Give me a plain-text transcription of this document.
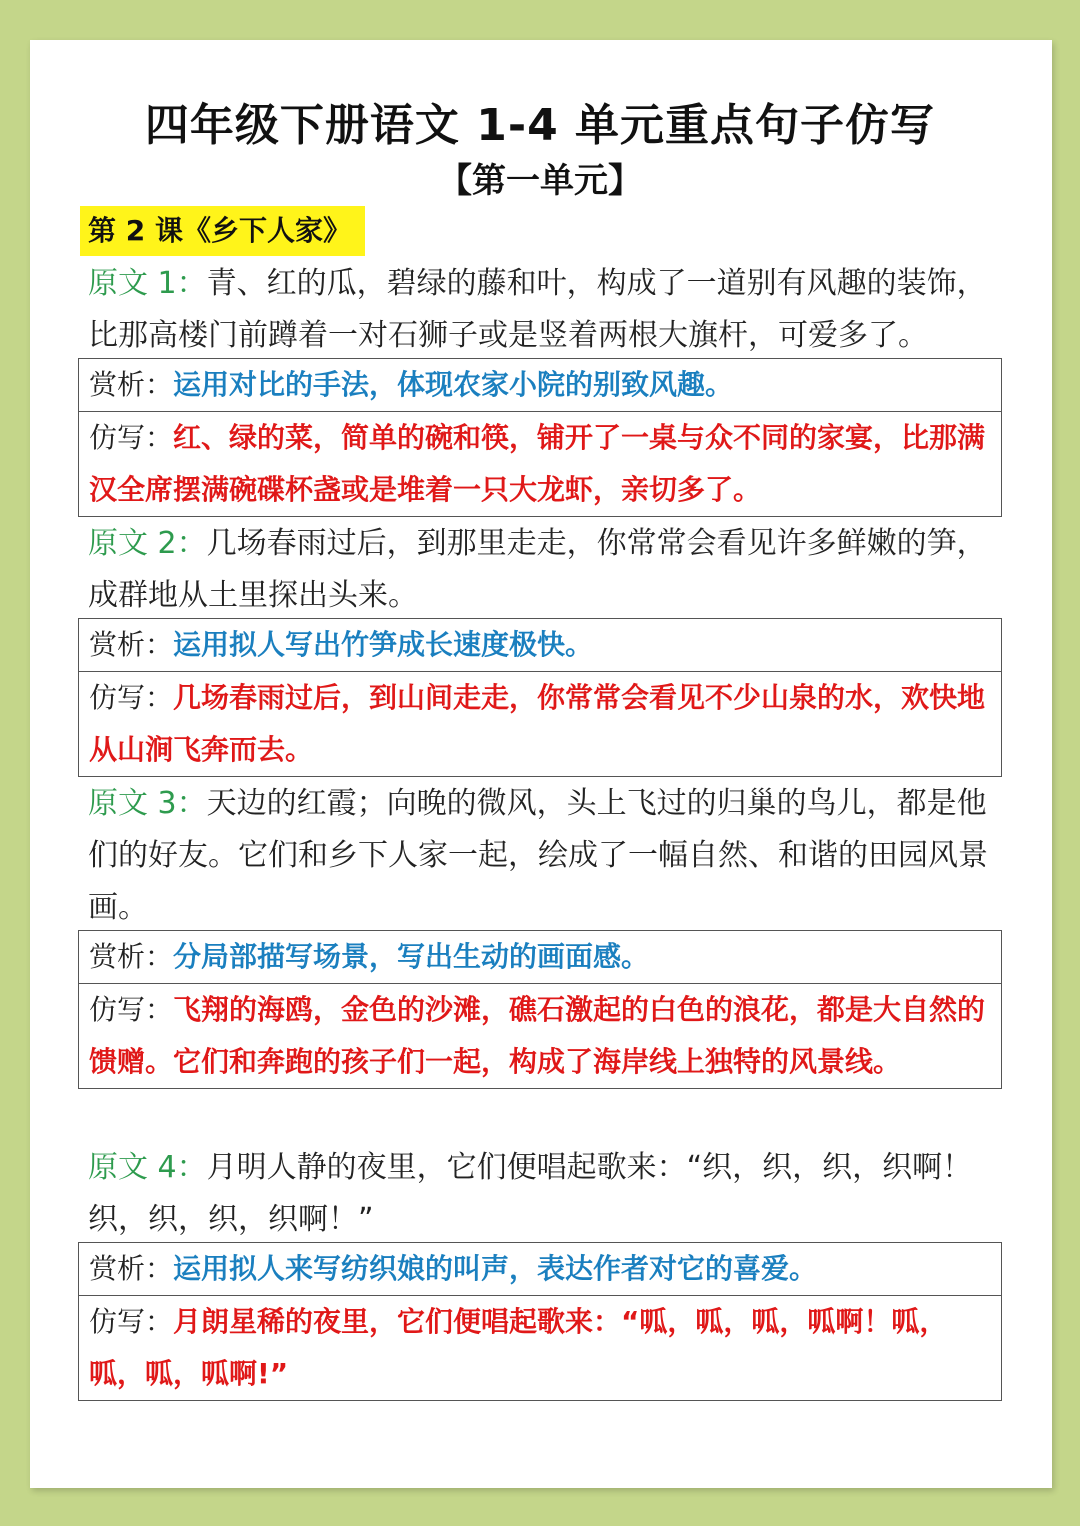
四年级下册语文 1-4 单元重点句子仿写
【第一单元】
第 2 课《乡下人家》

原文 1：青、红的瓜，碧绿的藤和叶，构成了一道别有风趣的装饰，比那高楼门前蹲着一对石狮子或是竖着两根大旗杆，可爱多了。

赏析：运用对比的手法，体现农家小院的别致风趣。
仿写：红、绿的菜，简单的碗和筷，铺开了一桌与众不同的家宴，比那满汉全席摆满碗碟杯盏或是堆着一只大龙虾，亲切多了。

原文 2：几场春雨过后，到那里走走，你常常会看见许多鲜嫩的笋，成群地从土里探出头来。

赏析：运用拟人写出竹笋成长速度极快。
仿写：几场春雨过后，到山间走走，你常常会看见不少山泉的水，欢快地从山涧飞奔而去。

原文 3：天边的红霞；向晚的微风，头上飞过的归巢的鸟儿，都是他们的好友。它们和乡下人家一起，绘成了一幅自然、和谐的田园风景画。

赏析：分局部描写场景，写出生动的画面感。
仿写：飞翔的海鸥，金色的沙滩，礁石激起的白色的浪花，都是大自然的馈赠。它们和奔跑的孩子们一起，构成了海岸线上独特的风景线。

原文 4：月明人静的夜里，它们便唱起歌来：“织，织，织，织啊！织，织，织，织啊！”

赏析：运用拟人来写纺织娘的叫声，表达作者对它的喜爱。
仿写：月朗星稀的夜里，它们便唱起歌来：“呱，呱，呱，呱啊！呱，呱，呱，呱啊!”
